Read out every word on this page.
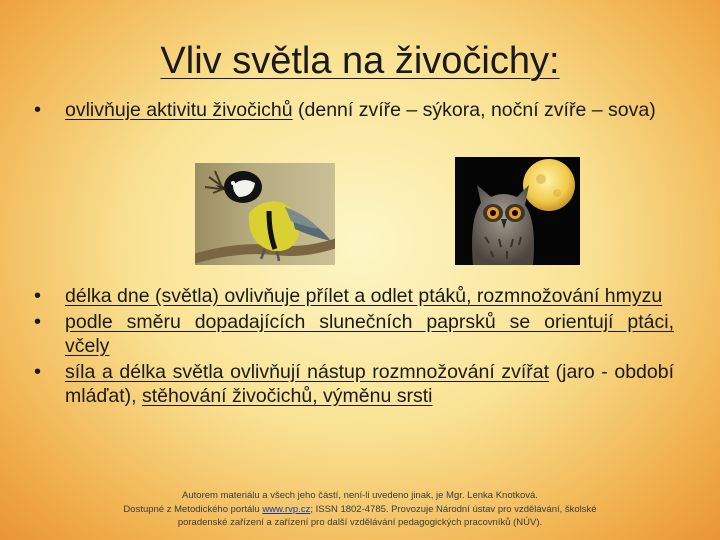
Vliv světla na živočichy:
• ovlivňuje aktivitu živočichů (denní zvíře – sýkora, noční zvíře – sova)
• délka dne (světla) ovlivňuje přílet a odlet ptáků, rozmnožování hmyzu
• podle směru dopadajících slunečních paprsků se orientují ptáci, včely
• síla a délka světla ovlivňují nástup rozmnožování zvířat (jaro - období mláďat), stěhování živočichů, výměnu srsti
Autorem materiálu a všech jeho částí, není-li uvedeno jinak, je Mgr. Lenka Knotková.
Dostupné z Metodického portálu www.rvp.cz; ISSN 1802-4785. Provozuje Národní ústav pro vzdělávání, školské
poradenské zařízení a zařízení pro další vzdělávání pedagogických pracovníků (NÚV).
